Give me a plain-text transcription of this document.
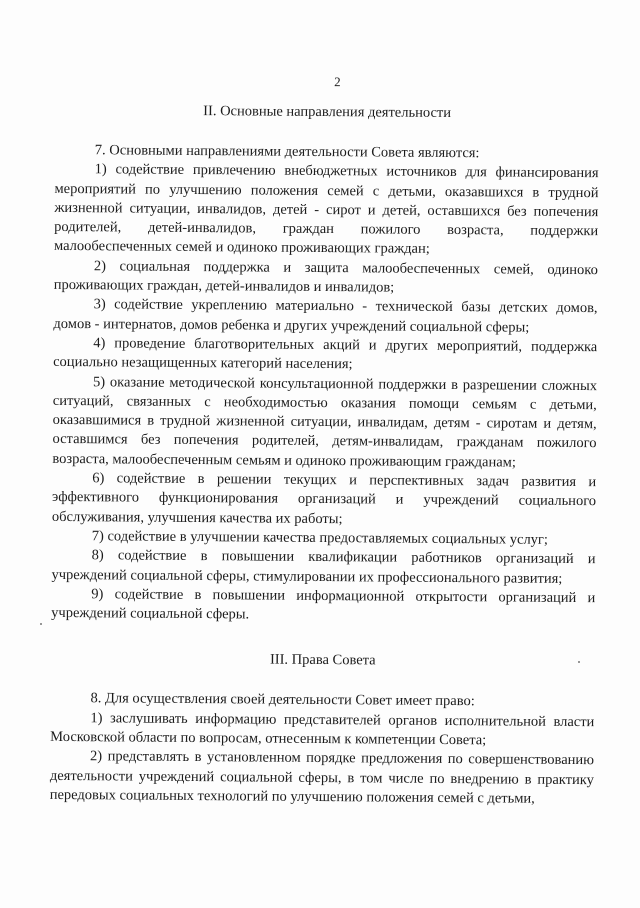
2
II. Основные направления деятельности

7. Основными направлениями деятельности Совета являются:

1) содействие привлечению внебюджетных источников для финансирования мероприятий по улучшению положения семей с детьми, оказавшихся в трудной жизненной ситуации, инвалидов, детей - сирот и детей, оставшихся без попечения родителей, детей-инвалидов, граждан пожилого возраста, поддержки малообеспеченных семей и одиноко проживающих граждан;

2) социальная поддержка и защита малообеспеченных семей, одиноко проживающих граждан, детей-инвалидов и инвалидов;

3) содействие укреплению материально - технической базы детских домов, домов - интернатов, домов ребенка и других учреждений социальной сферы;

4) проведение благотворительных акций и других мероприятий, поддержка социально незащищенных категорий населения;

5) оказание методической консультационной поддержки в разрешении сложных ситуаций, связанных с необходимостью оказания помощи семьям с детьми, оказавшимися в трудной жизненной ситуации, инвалидам, детям - сиротам и детям, оставшимся без попечения родителей, детям-инвалидам, гражданам пожилого возраста, малообеспеченным семьям и одиноко проживающим гражданам;

6) содействие в решении текущих и перспективных задач развития и эффективного функционирования организаций и учреждений социального обслуживания, улучшения качества их работы;

7) содействие в улучшении качества предоставляемых социальных услуг;

8) содействие в повышении квалификации работников организаций и учреждений социальной сферы, стимулировании их профессионального развития;

9) содействие в повышении информационной открытости организаций и учреждений социальной сферы.

III. Права Совета

8. Для осуществления своей деятельности Совет имеет право:

1) заслушивать информацию представителей органов исполнительной власти Московской области по вопросам, отнесенным к компетенции Совета;

2) представлять в установленном порядке предложения по совершенствованию деятельности учреждений социальной сферы, в том числе по внедрению в практику передовых социальных технологий по улучшению положения семей с детьми,
